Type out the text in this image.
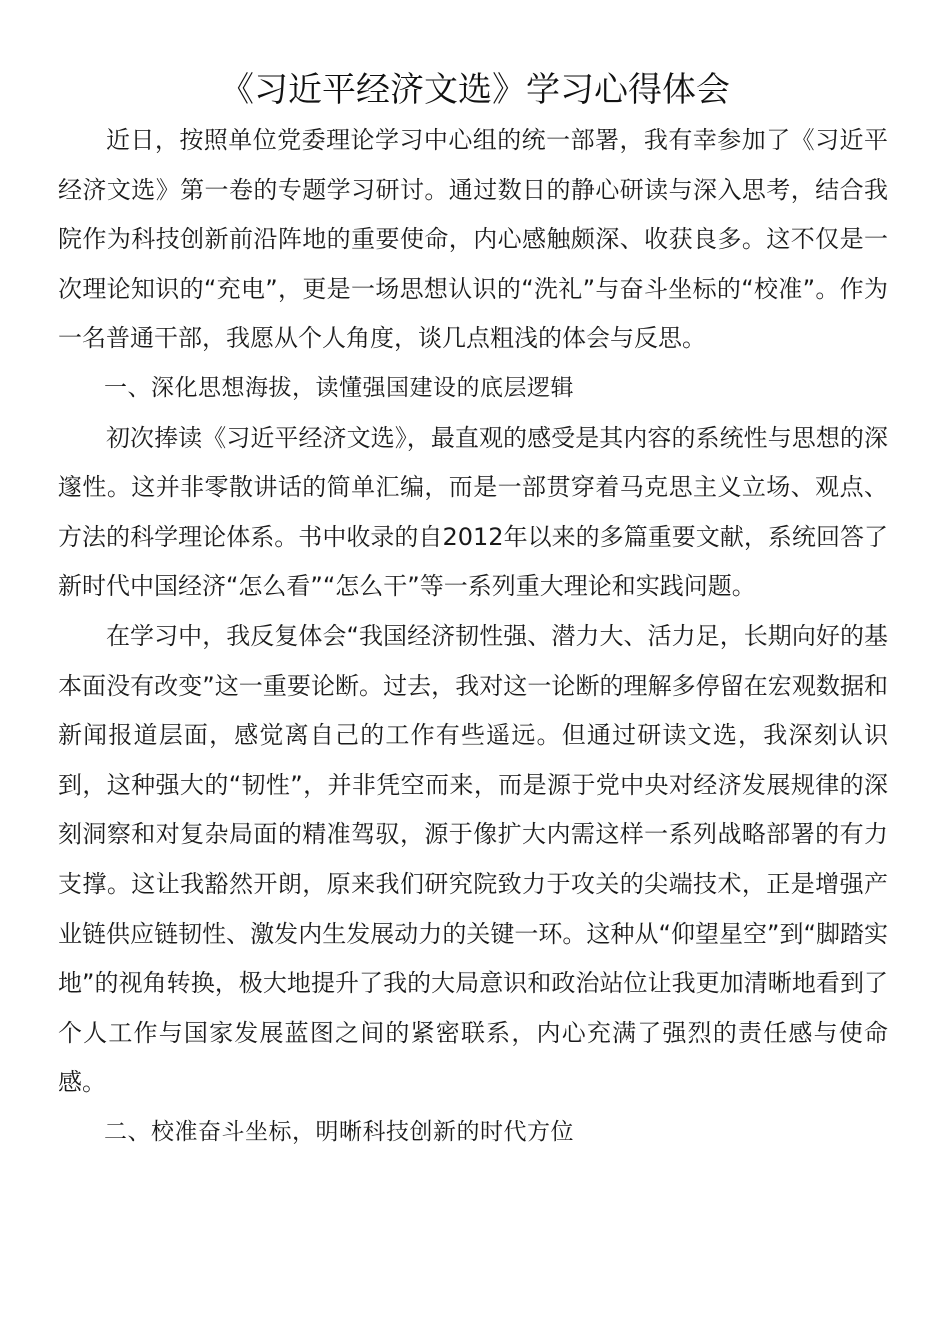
《习近平经济文选》学习心得体会

近日，按照单位党委理论学习中心组的统一部署，我有幸参加了《习近平经济文选》第一卷的专题学习研讨。通过数日的静心研读与深入思考，结合我院作为科技创新前沿阵地的重要使命，内心感触颇深、收获良多。这不仅是一次理论知识的“充电”，更是一场思想认识的“洗礼”与奋斗坐标的“校准”。作为一名普通干部，我愿从个人角度，谈几点粗浅的体会与反思。

一、深化思想海拔，读懂强国建设的底层逻辑

初次捧读《习近平经济文选》，最直观的感受是其内容的系统性与思想的深邃性。这并非零散讲话的简单汇编，而是一部贯穿着马克思主义立场、观点、方法的科学理论体系。书中收录的自2012年以来的多篇重要文献，系统回答了新时代中国经济“怎么看”“怎么干”等一系列重大理论和实践问题。

在学习中，我反复体会“我国经济韧性强、潜力大、活力足，长期向好的基本面没有改变”这一重要论断。过去，我对这一论断的理解多停留在宏观数据和新闻报道层面，感觉离自己的工作有些遥远。但通过研读文选，我深刻认识到，这种强大的“韧性”，并非凭空而来，而是源于党中央对经济发展规律的深刻洞察和对复杂局面的精准驾驭，源于像扩大内需这样一系列战略部署的有力支撑。这让我豁然开朗，原来我们研究院致力于攻关的尖端技术，正是增强产业链供应链韧性、激发内生发展动力的关键一环。这种从“仰望星空”到“脚踏实地”的视角转换，极大地提升了我的大局意识和政治站位让我更加清晰地看到了个人工作与国家发展蓝图之间的紧密联系，内心充满了强烈的责任感与使命感。

二、校准奋斗坐标，明晰科技创新的时代方位
